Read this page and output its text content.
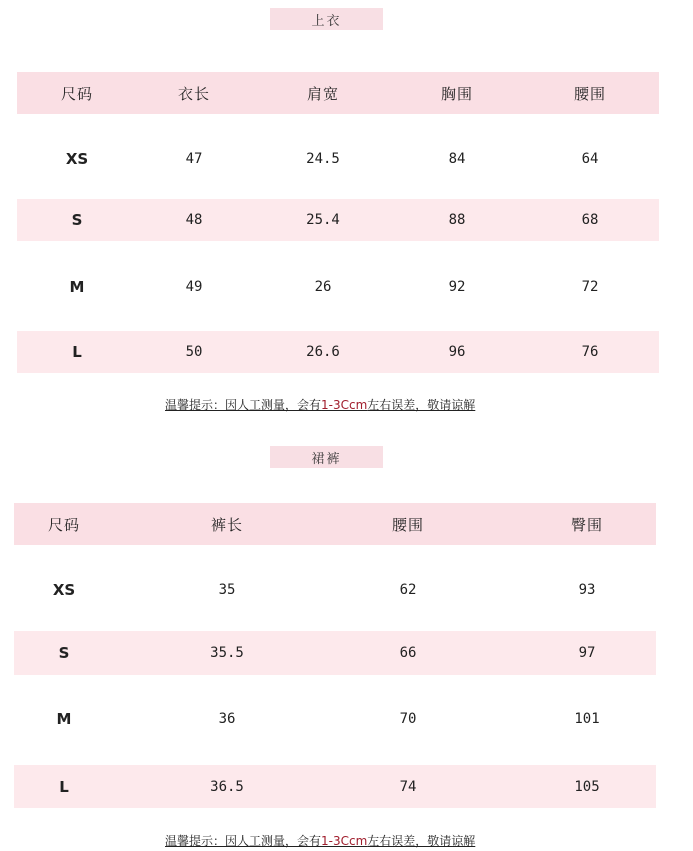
上衣
尺码	衣长	肩宽	胸围	腰围
XS	47	24.5	84	64
S	48	25.4	88	68
M	49	26	92	72
L	50	26.6	96	76
温馨提示：因人工测量，会有1-3Ccm左右误差，敬请谅解
裙裤
尺码	裤长	腰围	臀围
XS	35	62	93
S	35.5	66	97
M	36	70	101
L	36.5	74	105
温馨提示：因人工测量，会有1-3Ccm左右误差，敬请谅解
